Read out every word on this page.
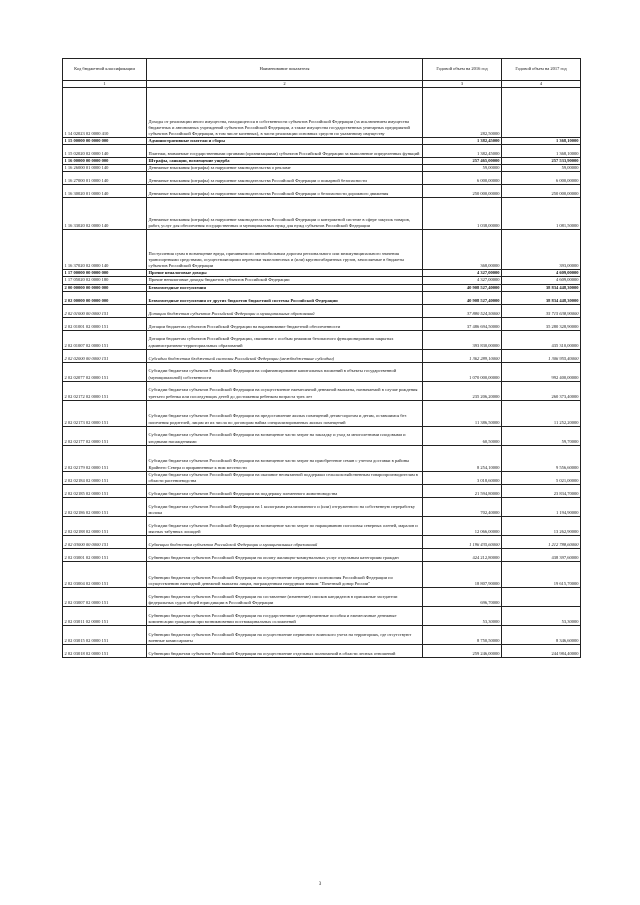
Код бюджетной классификации	Наименование показателя	Годовой объем на 2016 год	Годовой объем на 2017 год
1	2	3	4
1 14 02023 02 0000 410	Доходы от реализации иного имущества, находящегося в собственности субъектов Российской Федерации (за исключением имущества бюджетных и автономных учреждений субъектов Российской Федерации, а также имущества государственных унитарных предприятий субъектов Российской Федерации, в том числе казенных), в части реализации основных средств по указанному имуществу	282,50000	
1 15 00000 00 0000 000	Административные платежи и сборы	1 382,45000	1 368,10000
1 15 02020 02 0000 140	Платежи, взимаемые государственными органами (организациями) субъектов Российской Федерации за выполнение определенных функций	1 382,45000	1 368,10000
1 16 00000 00 0000 000	Штрафы, санкции, возмещение ущерба	257 465,00000	257 533,90000
1 16 26000 01 0000 140	Денежные взыскания (штрафы) за нарушение законодательства о рекламе	59,00000	59,00000
1 16 27000 01 0000 140	Денежные взыскания (штрафы) за нарушение законодательства Российской Федерации о пожарной безопасности	6 000,00000	6 000,00000
1 16 30020 01 0000 140	Денежные взыскания (штрафы) за нарушение законодательства Российской Федерации о безопасности дорожного движения	250 000,00000	250 000,00000
1 16 33020 02 0000 140	Денежные взыскания (штрафы) за нарушение законодательства Российской Федерации о контрактной системе в сфере закупок товаров, работ, услуг для обеспечения государственных и муниципальных нужд для нужд субъектов Российской Федерации	1 038,00000	1 081,50000
1 16 37020 02 0000 140	Поступления сумм в возмещение вреда, причиняемого автомобильным дорогам регионального или межмуниципального значения транспортными средствами, осуществляющими перевозки тяжеловесных и (или) крупногабаритных грузов, зачисляемые в бюджеты субъектов Российской Федерации	368,00000	393,00000
1 17 00000 00 0000 000	Прочие неналоговые доходы	4 327,00000	4 609,00000
1 17 05020 02 0000 180	Прочие неналоговые доходы бюджетов субъектов Российской Федерации	4 327,00000	4 609,00000
2 00 00000 00 0000 000	Безвозмездные поступления	40 908 527,40000	38 834 448,30000
2 02 00000 00 0000 000	Безвозмездные поступления от других бюджетов бюджетной системы Российской Федерации	40 908 527,40000	38 834 448,30000
2 02 01000 00 0000 151	Дотации бюджетам субъектов Российской Федерации и муниципальных образований	37 880 524,50000	35 715 638,90000
2 02 01001 02 0000 151	Дотации бюджетам субъектов Российской Федерации на выравнивание бюджетной обеспеченности	37 486 694,50000	35 280 328,90000
2 02 01007 02 0000 151	Дотации бюджетам субъектов Российской Федерации, связанные с особым режимом безопасного функционирования закрытых административно-территориальных образований	393 830,00000	435 310,00000
2 02 02000 00 0000 151	Субсидии бюджетам бюджетной системы Российской Федерации (межбюджетные субсидии)	1 362 289,10000	1 306 955,40000
2 02 02077 02 0000 151	Субсидии бюджетам субъектов Российской Федерации на софинансирование капитальных вложений в объекты государственной (муниципальной) собственности	1 070 000,00000	992 400,00000
2 02 02172 02 0000 151	Субсидии бюджетам субъектов Российской Федерации на осуществление ежемесячной денежной выплаты, назначаемой в случае рождения третьего ребенка или последующих детей до достижения ребенком возраста трех лет	235 206,20000	260 373,40000
2 02 02173 02 0000 151	Субсидии бюджетам субъектов Российской Федерации на предоставление жилых помещений детям-сиротам и детям, оставшимся без попечения родителей, лицам из их числа по договорам найма специализированных жилых помещений	11 386,50000	11 252,20000
2 02 02177 02 0000 151	Субсидии бюджетам субъектов Российской Федерации на возмещение части затрат на закладку и уход за многолетними плодовыми и ягодными насаждениями	60,50000	59,70000
2 02 02179 02 0000 151	Субсидии бюджетам субъектов Российской Федерации на возмещение части затрат на приобретение семян с учетом доставки в районы Крайнего Севера и приравненные к ним местности	8 254,10000	9 556,60000
2 02 02184 02 0000 151	Субсидии бюджетам субъектов Российской Федерации на оказание несвязанной поддержки сельскохозяйственным товаропроизводителям в области растениеводства	3 018,60000	5 021,00000
2 02 02185 02 0000 151	Субсидии бюджетам субъектов Российской Федерации на поддержку племенного животноводства	21 594,80000	23 834,70000
2 02 02186 02 0000 151	Субсидии бюджетам субъектов Российской Федерации на 1 килограмм реализованного и (или) отгруженного на собственную переработку молока	702,40000	1 194,90000
2 02 02188 02 0000 151	Субсидии бюджетам субъектов Российской Федерации на возмещение части затрат по наращиванию поголовья северных оленей, маралов и мясных табунных лошадей	12 066,00000	13 262,90000
2 02 03000 00 0000 151	Субвенции бюджетам субъектов Российской Федерации и муниципальных образований	1 196 435,60000	1 212 788,60000
2 02 03001 02 0000 151	Субвенции бюджетам субъектов Российской Федерации на оплату жилищно-коммунальных услуг отдельным категориям граждан	424 212,80000	438 397,60000
2 02 03004 02 0000 151	Субвенции бюджетам субъектов Российской Федерации на осуществление переданного полномочия Российской Федерации по осуществлению ежегодной денежной выплаты лицам, награжденным нагрудным знаком "Почетный донор России"	18 807,90000	19 615,70000
2 02 03007 02 0000 151	Субвенции бюджетам субъектов Российской Федерации на составление (изменение) списков кандидатов в присяжные заседатели федеральных судов общей юрисдикции в Российской Федерации	696,70000	
2 02 03011 02 0000 151	Субвенции бюджетам субъектов Российской Федерации на государственные единовременные пособия и ежемесячные денежные компенсации гражданам при возникновении поствакцинальных осложнений	53,30000	53,30000
2 02 03015 02 0000 151	Субвенции бюджетам субъектов Российской Федерации на осуществление первичного воинского учета на территориях, где отсутствуют военные комиссариаты	8 750,50000	8 346,60000
2 02 03018 02 0000 151	Субвенции бюджетам субъектов Российской Федерации на осуществление отдельных полномочий в области лесных отношений	259 246,00000	244 984,40000
3
